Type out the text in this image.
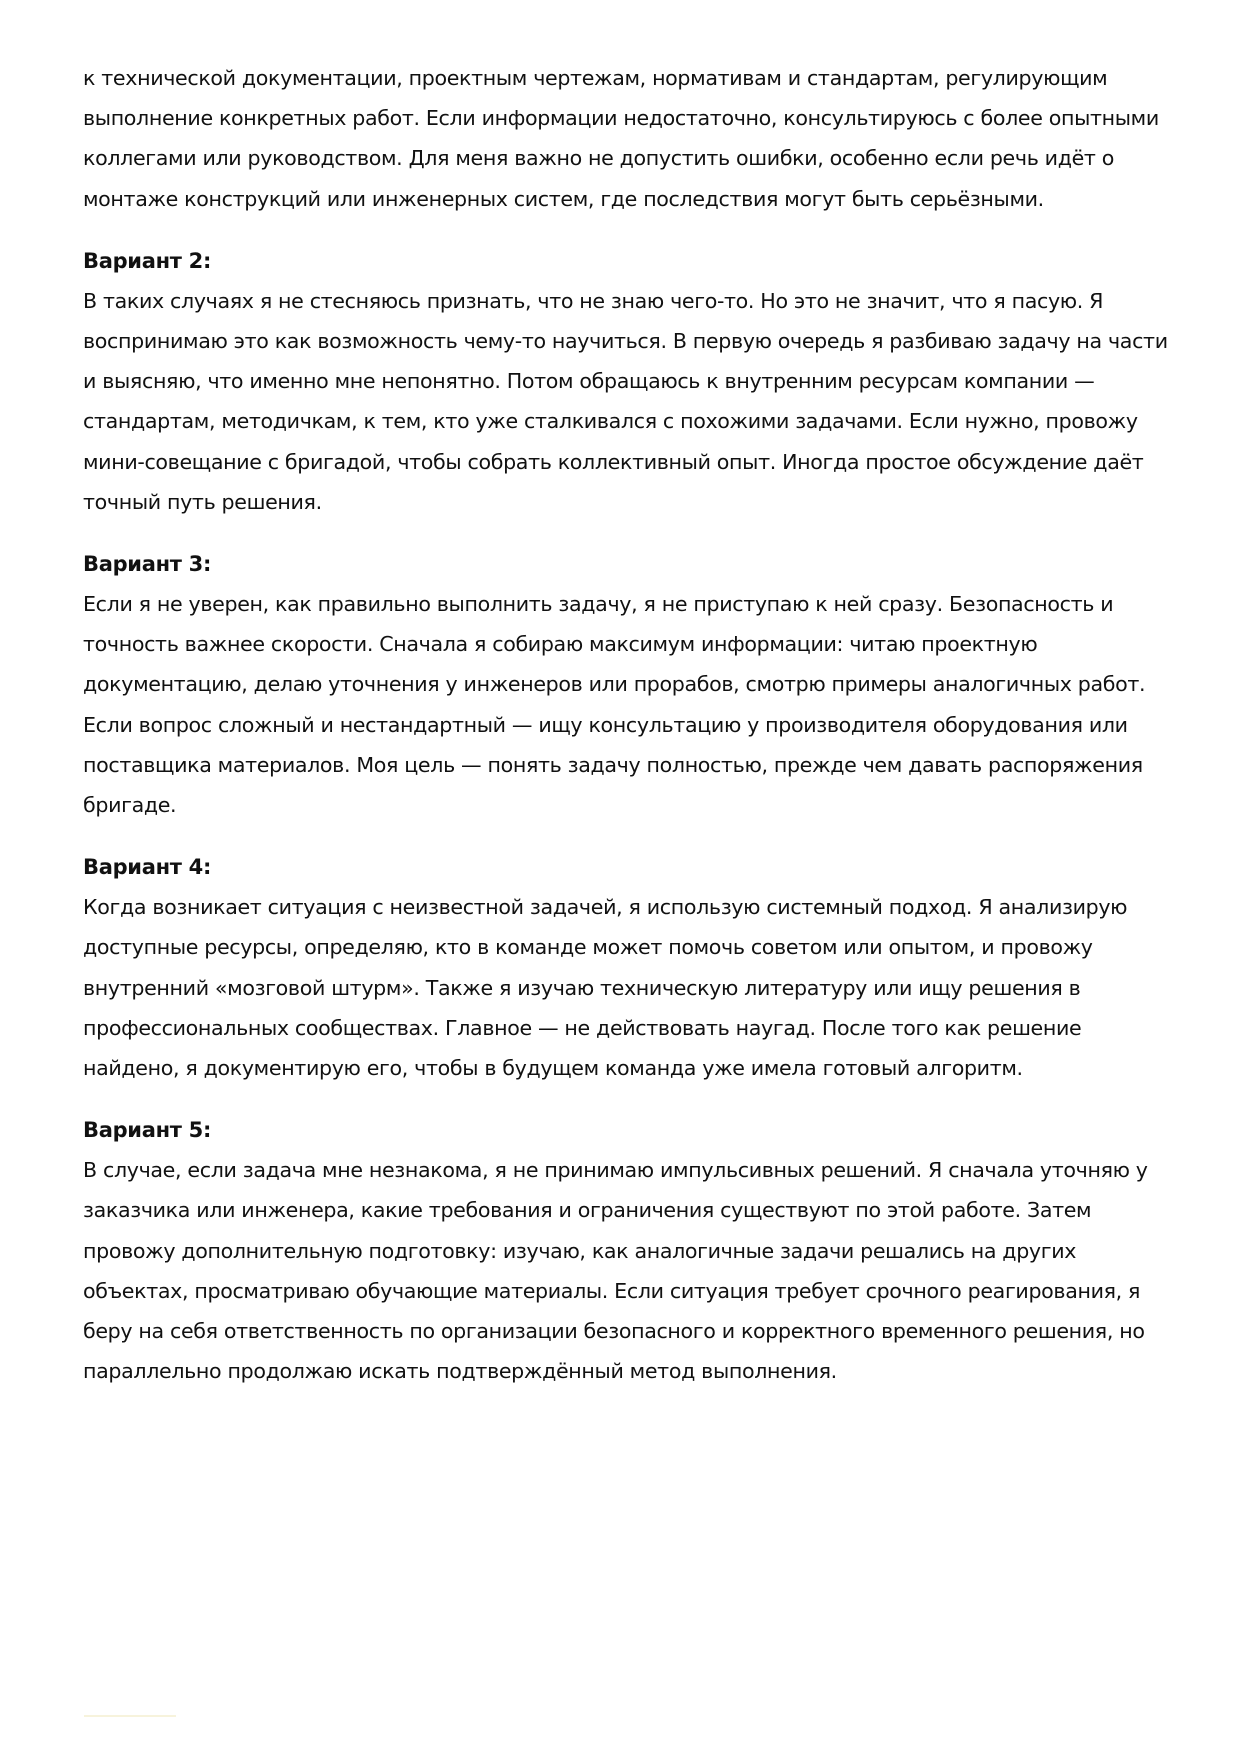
к технической документации, проектным чертежам, нормативам и стандартам, регулирующим выполнение конкретных работ. Если информации недостаточно, консультируюсь с более опытными коллегами или руководством. Для меня важно не допустить ошибки, особенно если речь идёт о монтаже конструкций или инженерных систем, где последствия могут быть серьёзными.

Вариант 2:

В таких случаях я не стесняюсь признать, что не знаю чего-то. Но это не значит, что я пасую. Я воспринимаю это как возможность чему-то научиться. В первую очередь я разбиваю задачу на части и выясняю, что именно мне непонятно. Потом обращаюсь к внутренним ресурсам компании — стандартам, методичкам, к тем, кто уже сталкивался с похожими задачами. Если нужно, провожу мини-совещание с бригадой, чтобы собрать коллективный опыт. Иногда простое обсуждение даёт точный путь решения.

Вариант 3:

Если я не уверен, как правильно выполнить задачу, я не приступаю к ней сразу. Безопасность и точность важнее скорости. Сначала я собираю максимум информации: читаю проектную документацию, делаю уточнения у инженеров или прорабов, смотрю примеры аналогичных работ. Если вопрос сложный и нестандартный — ищу консультацию у производителя оборудования или поставщика материалов. Моя цель — понять задачу полностью, прежде чем давать распоряжения бригаде.

Вариант 4:

Когда возникает ситуация с неизвестной задачей, я использую системный подход. Я анализирую доступные ресурсы, определяю, кто в команде может помочь советом или опытом, и провожу внутренний «мозговой штурм». Также я изучаю техническую литературу или ищу решения в профессиональных сообществах. Главное — не действовать наугад. После того как решение найдено, я документирую его, чтобы в будущем команда уже имела готовый алгоритм.

Вариант 5:

В случае, если задача мне незнакома, я не принимаю импульсивных решений. Я сначала уточняю у заказчика или инженера, какие требования и ограничения существуют по этой работе. Затем провожу дополнительную подготовку: изучаю, как аналогичные задачи решались на других объектах, просматриваю обучающие материалы. Если ситуация требует срочного реагирования, я беру на себя ответственность по организации безопасного и корректного временного решения, но параллельно продолжаю искать подтверждённый метод выполнения.
